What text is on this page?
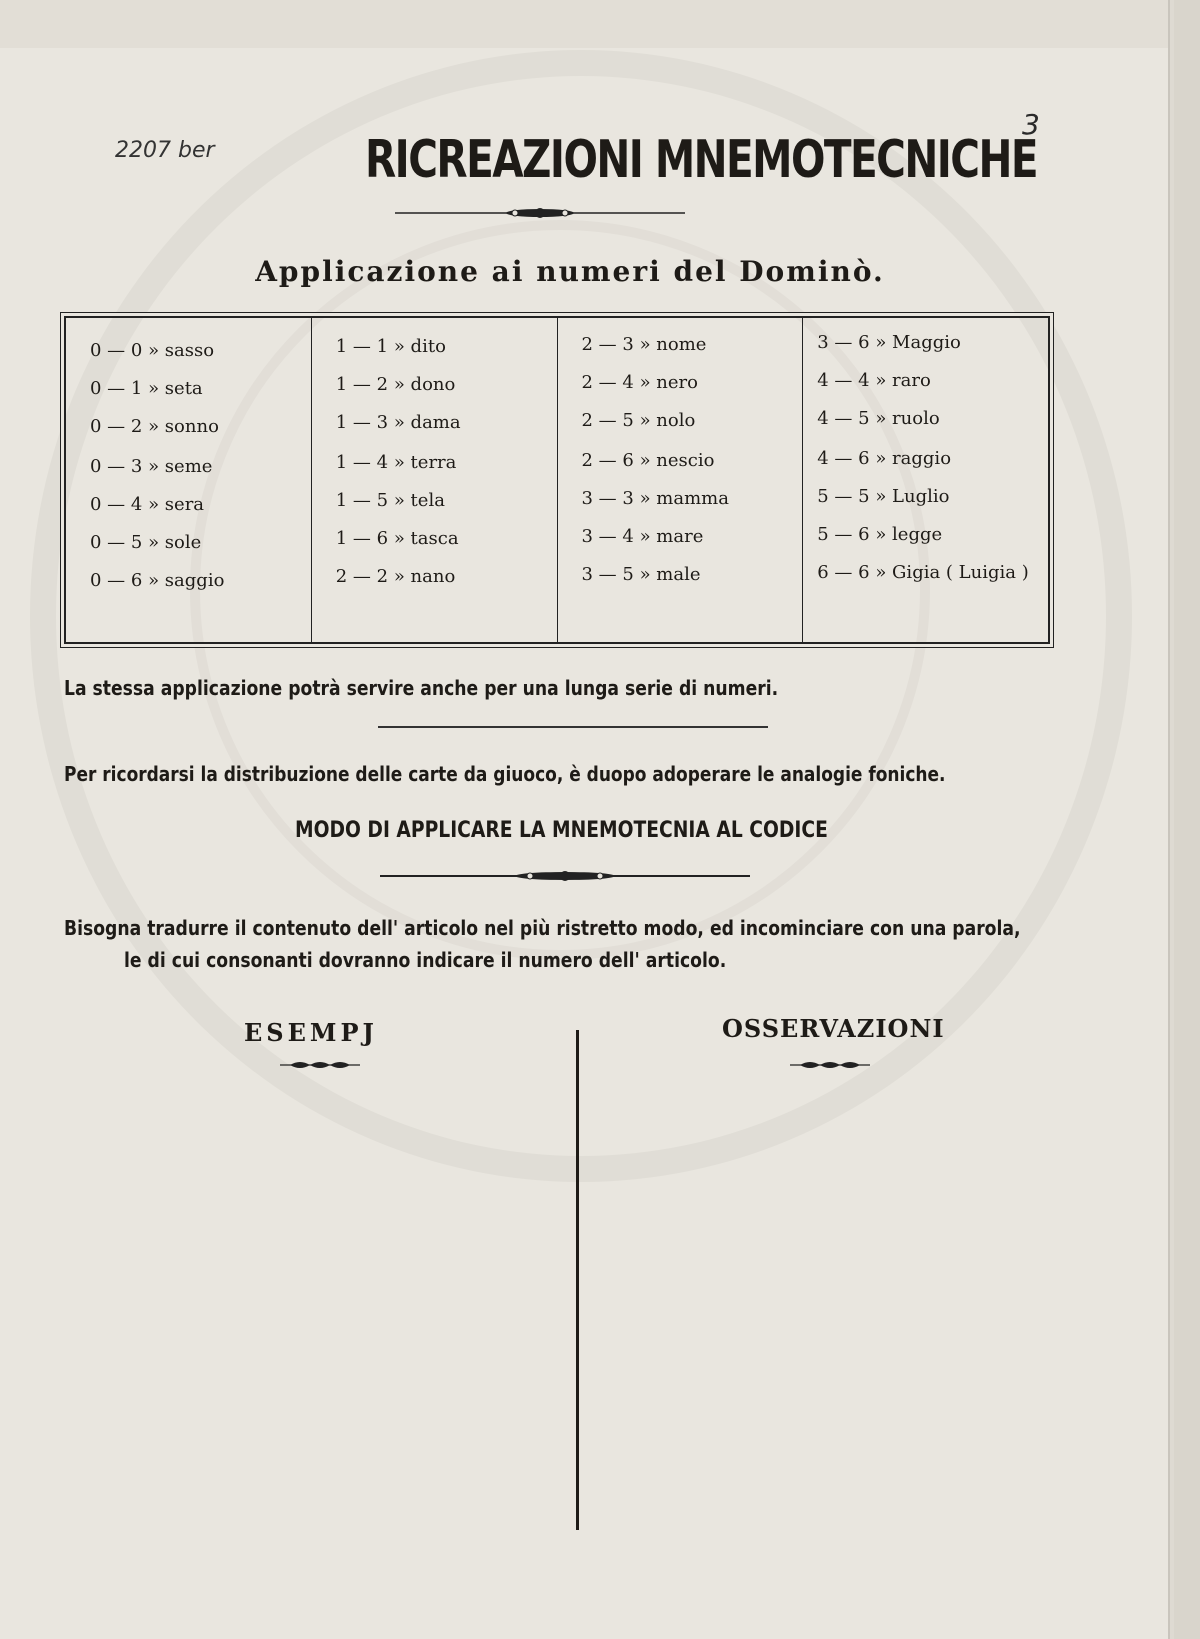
2207 ber
3
RICREAZIONI MNEMOTECNICHE
Applicazione ai numeri del Dominò.
0 — 0 » sasso
0 — 1 » seta
0 — 2 » sonno
0 — 3 » seme
0 — 4 » sera
0 — 5 » sole
0 — 6 » saggio
1 — 1 » dito
1 — 2 » dono
1 — 3 » dama
1 — 4 » terra
1 — 5 » tela
1 — 6 » tasca
2 — 2 » nano
2 — 3 » nome
2 — 4 » nero
2 — 5 » nolo
2 — 6 » nescio
3 — 3 » mamma
3 — 4 » mare
3 — 5 » male
3 — 6 » Maggio
4 — 4 » raro
4 — 5 » ruolo
4 — 6 » raggio
5 — 5 » Luglio
5 — 6 » legge
6 — 6 » Gigia ( Luigia )
La stessa applicazione potrà servire anche per una lunga serie di numeri.
Per ricordarsi la distribuzione delle carte da giuoco, è duopo adoperare le analogie foniche.
MODO DI APPLICARE LA MNEMOTECNIA AL CODICE
Bisogna tradurre il contenuto dell' articolo nel più ristretto modo, ed incominciare con una parola,
le di cui consonanti dovranno indicare il numero dell' articolo.
ESEMPJ	OSSERVAZIONI
